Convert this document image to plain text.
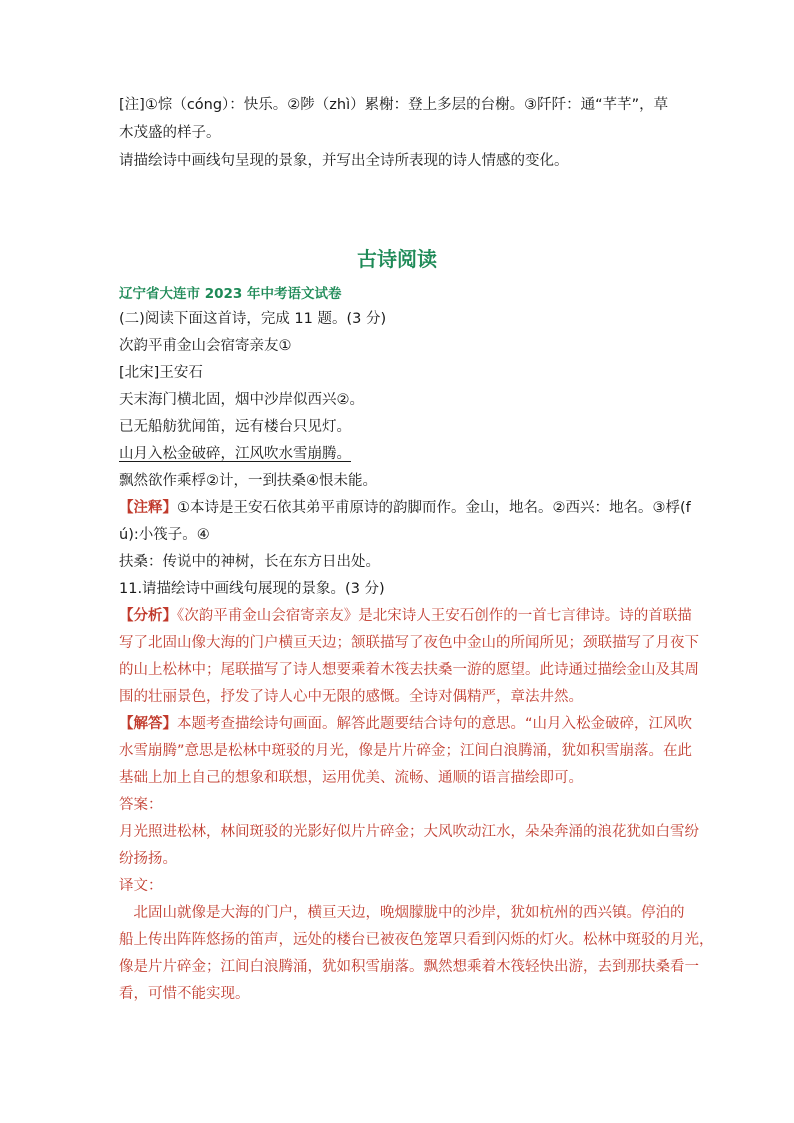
[注]①悰（cóng）：快乐。②陟（zhì）累榭：登上多层的台榭。③阡阡：通“芊芊”，草
木茂盛的样子。
请描绘诗中画线句呈现的景象，并写出全诗所表现的诗人情感的变化。
古诗阅读
辽宁省大连市 2023 年中考语文试卷
(二)阅读下面这首诗，完成 11 题。(3 分)
次韵平甫金山会宿寄亲友①
[北宋]王安石
天末海门横北固，烟中沙岸似西兴②。
已无船舫犹闻笛，远有楼台只见灯。
山月入松金破碎，江风吹水雪崩腾。
飘然欲作乘桴②计，一到扶桑④恨未能。
【注释】①本诗是王安石依其弟平甫原诗的韵脚而作。金山，地名。②西兴：地名。③桴(f
ú):小筏子。④
扶桑：传说中的神树，长在东方日出处。
11.请描绘诗中画线句展现的景象。(3 分)
【分析】《次韵平甫金山会宿寄亲友》是北宋诗人王安石创作的一首七言律诗。诗的首联描
写了北固山像大海的门户横亘天边；颔联描写了夜色中金山的所闻所见；颈联描写了月夜下
的山上松林中；尾联描写了诗人想要乘着木筏去扶桑一游的愿望。此诗通过描绘金山及其周
围的壮丽景色，抒发了诗人心中无限的感慨。全诗对偶精严，章法井然。
【解答】本题考查描绘诗句画面。解答此题要结合诗句的意思。“山月入松金破碎，江风吹
水雪崩腾”意思是松林中斑驳的月光，像是片片碎金；江间白浪腾涌，犹如积雪崩落。在此
基础上加上自己的想象和联想，运用优美、流畅、通顺的语言描绘即可。
答案：
月光照进松林，林间斑驳的光影好似片片碎金；大风吹动江水，朵朵奔涌的浪花犹如白雪纷
纷扬扬。
译文：
　北固山就像是大海的门户，横亘天边，晚烟朦胧中的沙岸，犹如杭州的西兴镇。停泊的
船上传出阵阵悠扬的笛声，远处的楼台已被夜色笼罩只看到闪烁的灯火。松林中斑驳的月光，
像是片片碎金；江间白浪腾涌，犹如积雪崩落。飘然想乘着木筏轻快出游，去到那扶桑看一
看，可惜不能实现。
